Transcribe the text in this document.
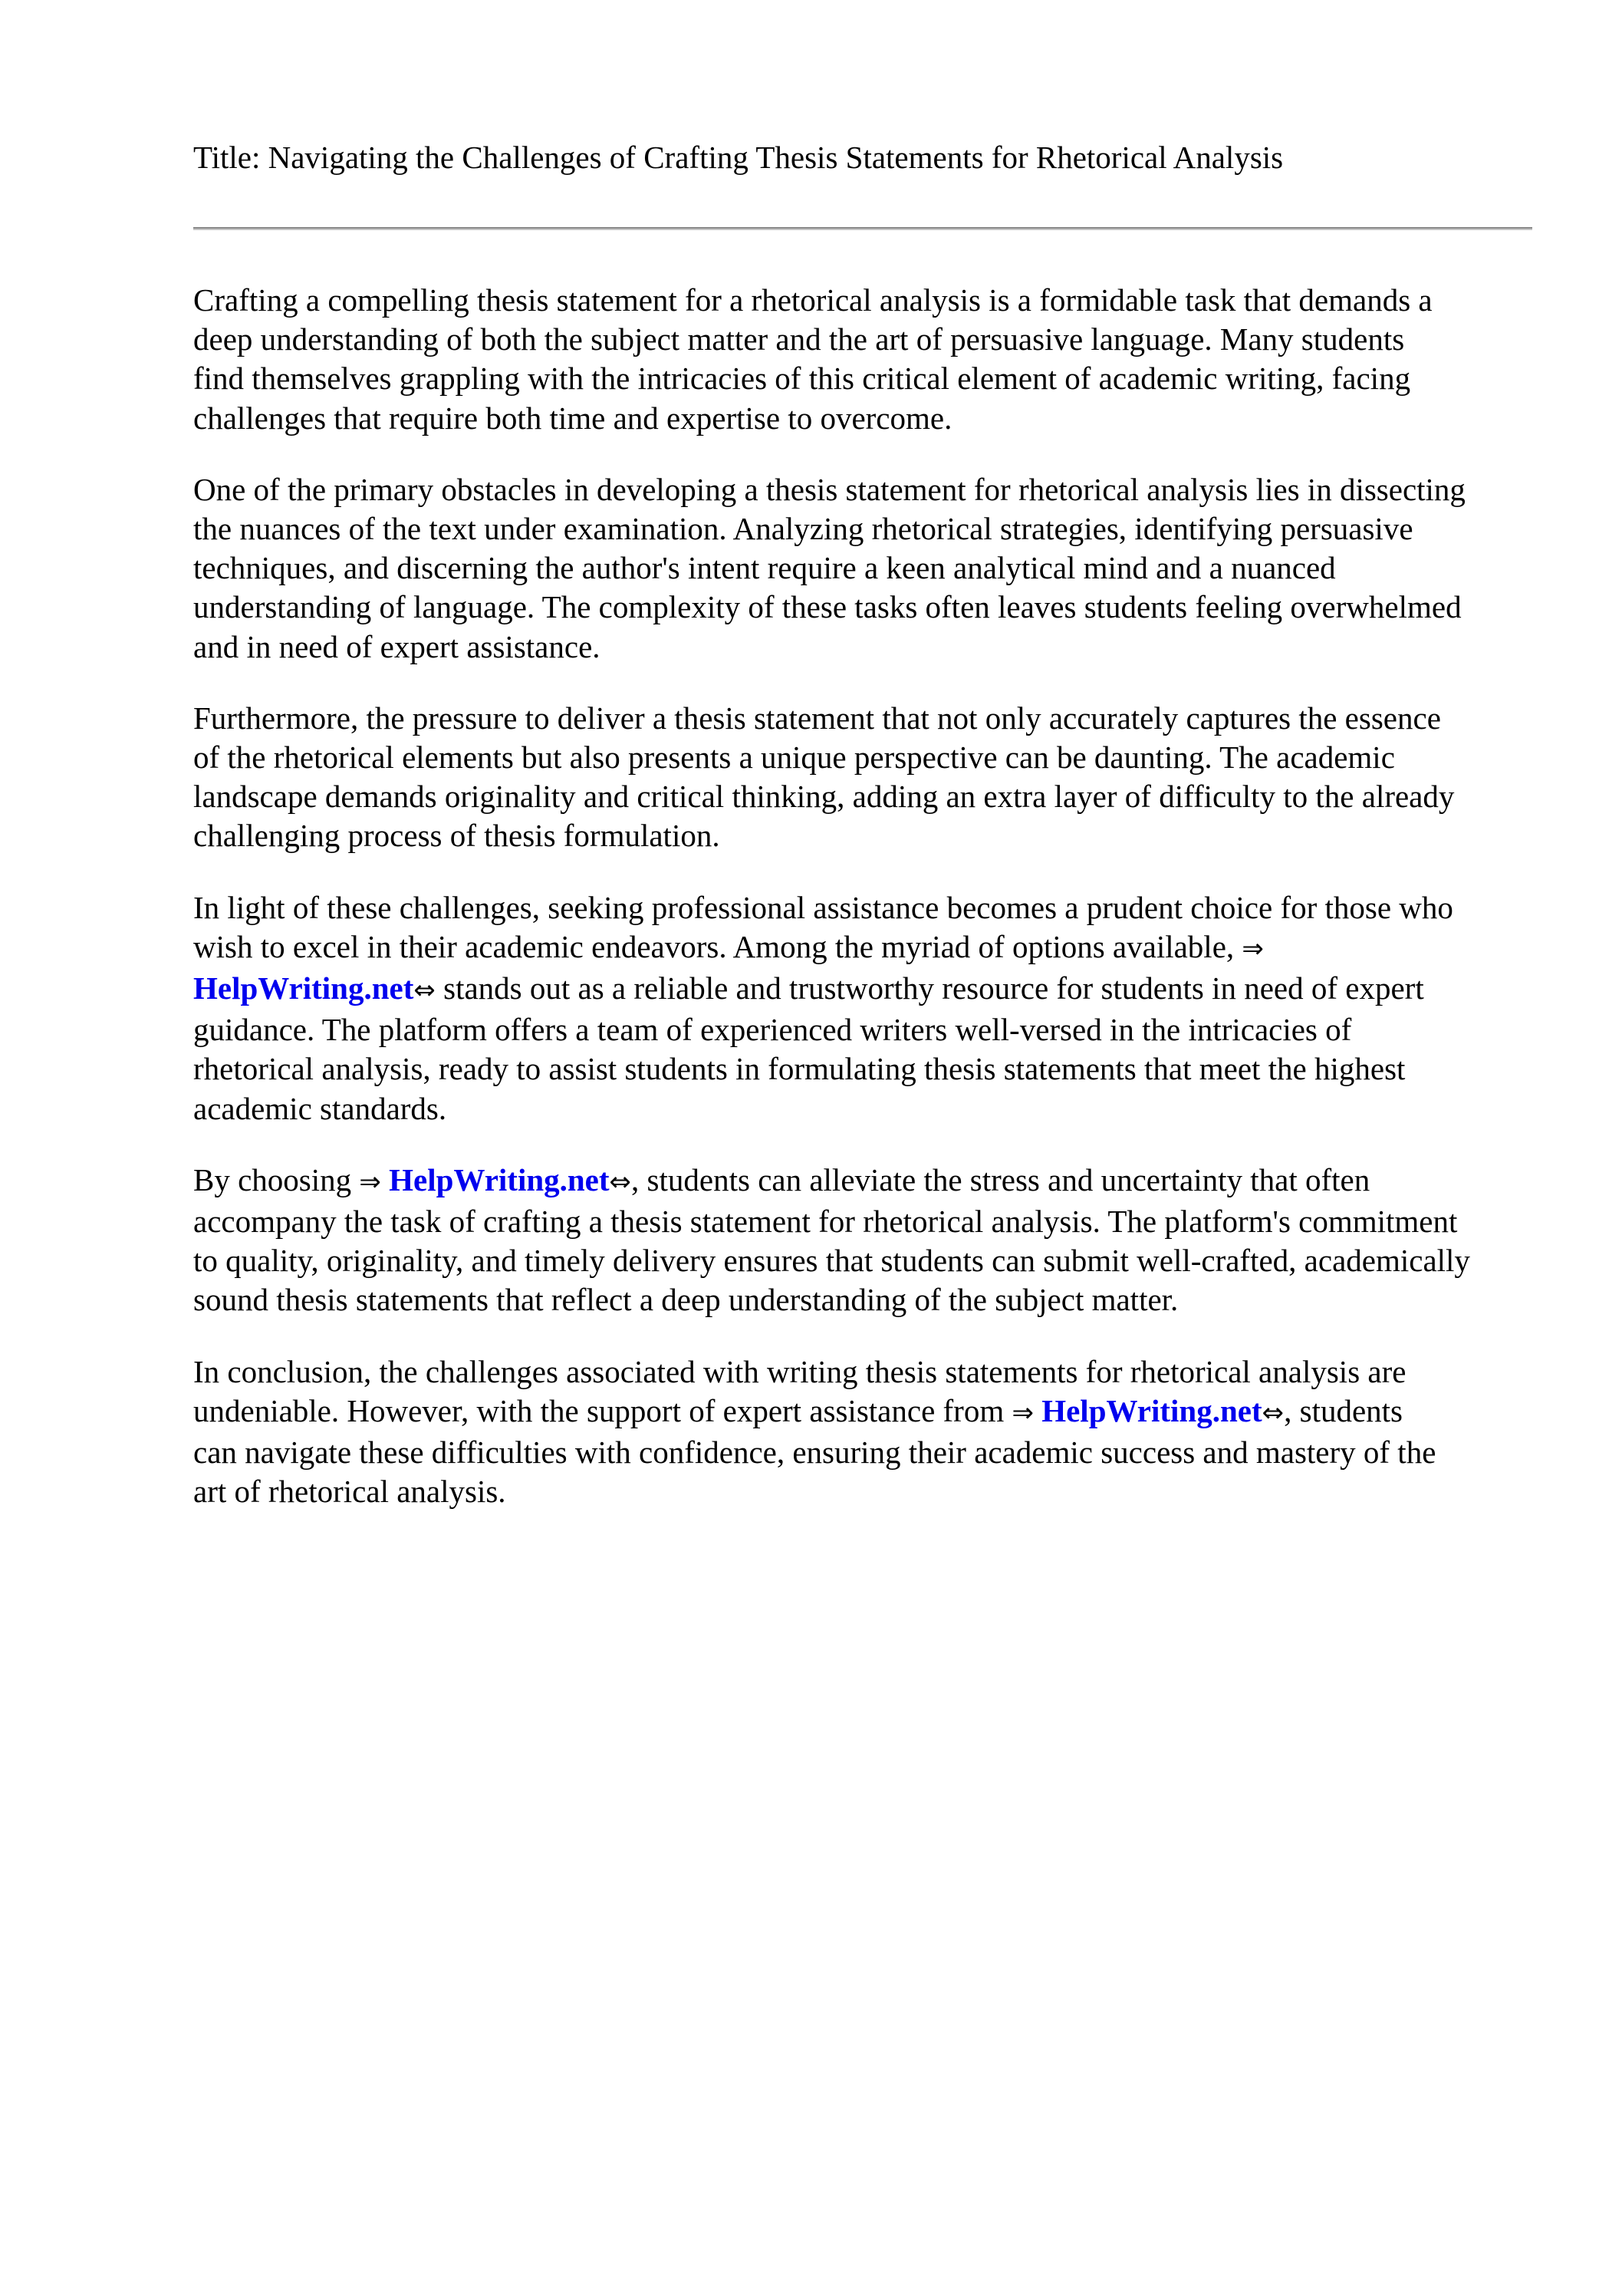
Title: Navigating the Challenges of Crafting Thesis Statements for Rhetorical Analysis
Crafting a compelling thesis statement for a rhetorical analysis is a formidable task that demands a
deep understanding of both the subject matter and the art of persuasive language. Many students
find themselves grappling with the intricacies of this critical element of academic writing, facing
challenges that require both time and expertise to overcome.
One of the primary obstacles in developing a thesis statement for rhetorical analysis lies in dissecting
the nuances of the text under examination. Analyzing rhetorical strategies, identifying persuasive
techniques, and discerning the author's intent require a keen analytical mind and a nuanced
understanding of language. The complexity of these tasks often leaves students feeling overwhelmed
and in need of expert assistance.
Furthermore, the pressure to deliver a thesis statement that not only accurately captures the essence
of the rhetorical elements but also presents a unique perspective can be daunting. The academic
landscape demands originality and critical thinking, adding an extra layer of difficulty to the already
challenging process of thesis formulation.
In light of these challenges, seeking professional assistance becomes a prudent choice for those who
wish to excel in their academic endeavors. Among the myriad of options available, ⇒
HelpWriting.net⇔ stands out as a reliable and trustworthy resource for students in need of expert
guidance. The platform offers a team of experienced writers well-versed in the intricacies of
rhetorical analysis, ready to assist students in formulating thesis statements that meet the highest
academic standards.
By choosing ⇒ HelpWriting.net⇔, students can alleviate the stress and uncertainty that often
accompany the task of crafting a thesis statement for rhetorical analysis. The platform's commitment
to quality, originality, and timely delivery ensures that students can submit well-crafted, academically
sound thesis statements that reflect a deep understanding of the subject matter.
In conclusion, the challenges associated with writing thesis statements for rhetorical analysis are
undeniable. However, with the support of expert assistance from ⇒ HelpWriting.net⇔, students
can navigate these difficulties with confidence, ensuring their academic success and mastery of the
art of rhetorical analysis.
